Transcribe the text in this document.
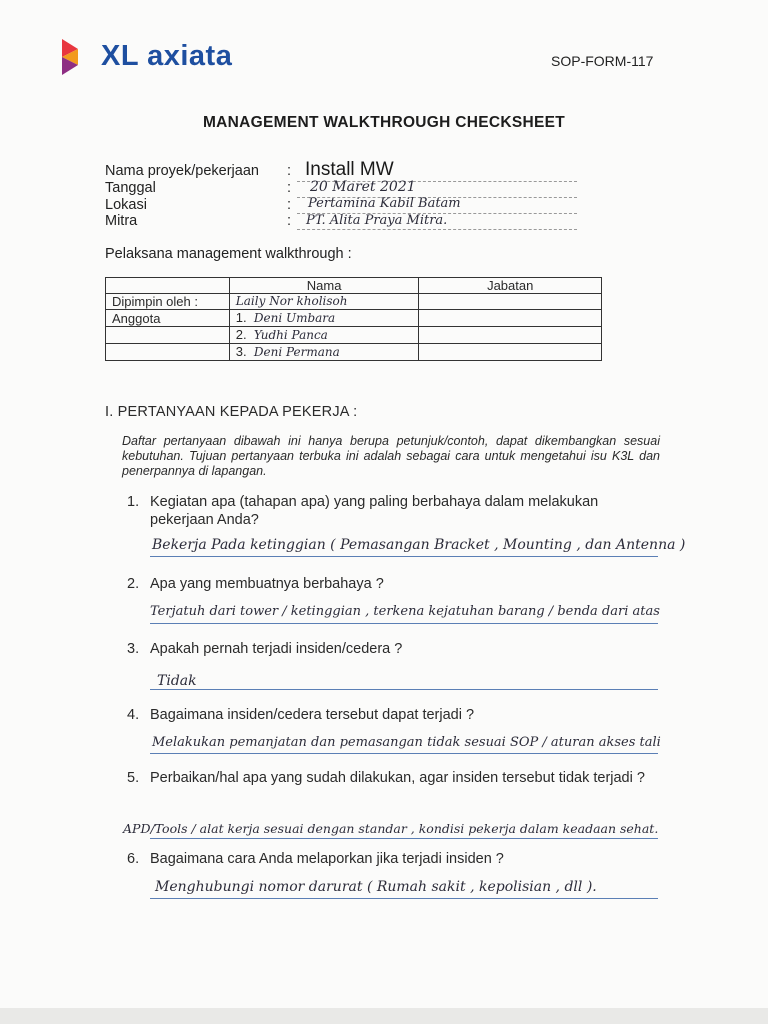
XL axiata	SOP-FORM-117
MANAGEMENT WALKTHROUGH CHECKSHEET
Nama proyek/pekerjaan : Install MW
Tanggal	: 20 Maret 2021
Lokasi	: Pertamina Kabil Batam
Mitra	: PT. Alita Praya Mitra.
Pelaksana management walkthrough :
	Nama	Jabatan
Dipimpin oleh :	Laily Nor kholisoh	
Anggota	1. Deni Umbara	
	2. Yudhi Panca	
	3. Deni Permana	
I. PERTANYAAN KEPADA PEKERJA :
Daftar pertanyaan dibawah ini hanya berupa petunjuk/contoh, dapat dikembangkan sesuai kebutuhan. Tujuan pertanyaan terbuka ini adalah sebagai cara untuk mengetahui isu K3L dan penerpannya di lapangan.
1. Kegiatan apa (tahapan apa) yang paling berbahaya dalam melakukan pekerjaan Anda?
Bekerja Pada ketinggian ( Pemasangan Bracket , Mounting , dan Antenna )
2. Apa yang membuatnya berbahaya ?
Terjatuh dari tower / ketinggian , terkena kejatuhan barang / benda dari atas
3. Apakah pernah terjadi insiden/cedera ?
Tidak
4. Bagaimana insiden/cedera tersebut dapat terjadi ?
Melakukan pemanjatan dan pemasangan tidak sesuai SOP / aturan akses tali
5. Perbaikan/hal apa yang sudah dilakukan, agar insiden tersebut tidak terjadi ?
APD/Tools / alat kerja sesuai dengan standar , kondisi pekerja dalam keadaan sehat.
6. Bagaimana cara Anda melaporkan jika terjadi insiden ?
Menghubungi nomor darurat ( Rumah sakit , kepolisian , dll ).
